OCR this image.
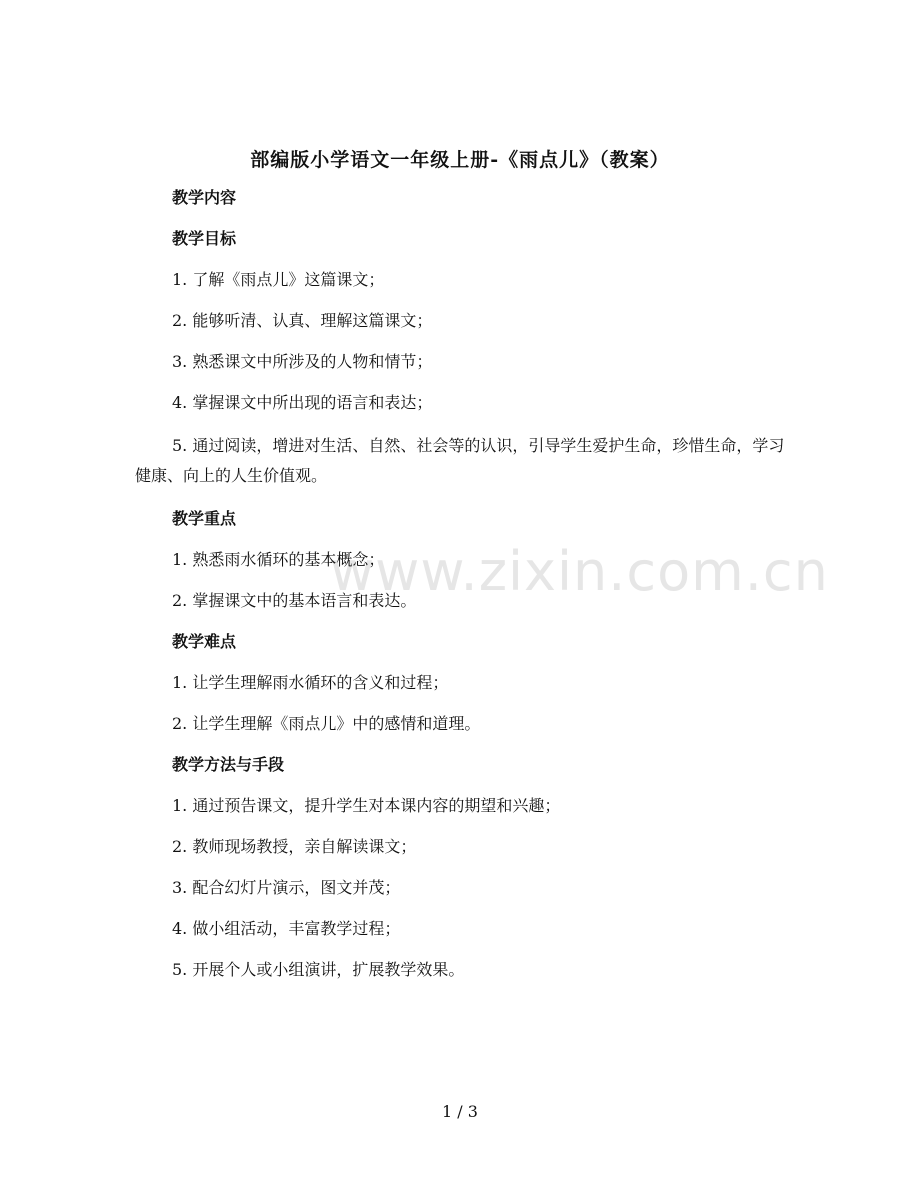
www.zixin.com.cn
部编版小学语文一年级上册-《雨点儿》（教案）
教学内容
教学目标
1. 了解《雨点儿》这篇课文；
2. 能够听清、认真、理解这篇课文；
3. 熟悉课文中所涉及的人物和情节；
4. 掌握课文中所出现的语言和表达；
5. 通过阅读，增进对生活、自然、社会等的认识，引导学生爱护生命，珍惜生命，学习健康、向上的人生价值观。
教学重点
1. 熟悉雨水循环的基本概念；
2. 掌握课文中的基本语言和表达。
教学难点
1. 让学生理解雨水循环的含义和过程；
2. 让学生理解《雨点儿》中的感情和道理。
教学方法与手段
1. 通过预告课文，提升学生对本课内容的期望和兴趣；
2. 教师现场教授，亲自解读课文；
3. 配合幻灯片演示，图文并茂；
4. 做小组活动，丰富教学过程；
5. 开展个人或小组演讲，扩展教学效果。
1 / 3
